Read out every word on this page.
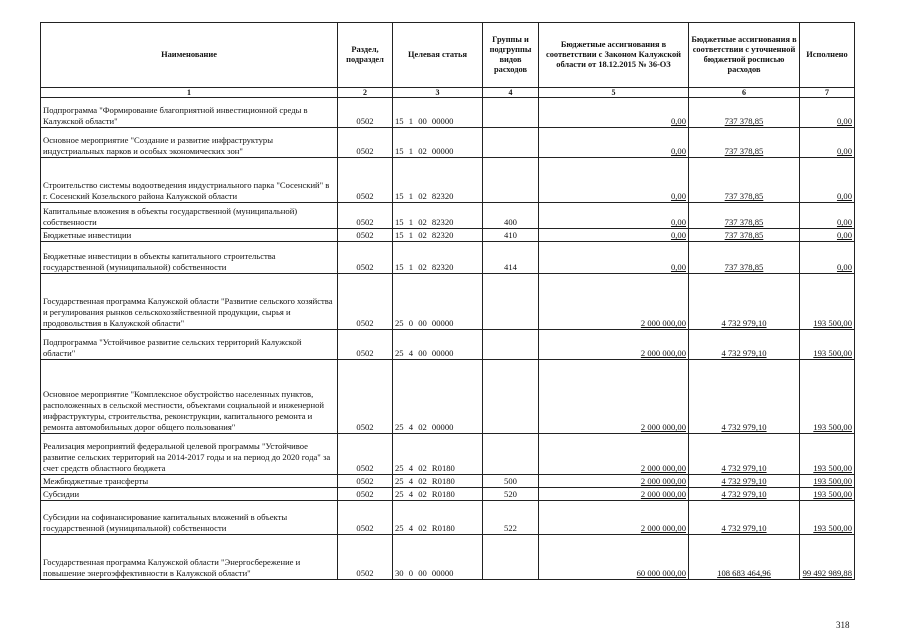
Наименование	Раздел, подраздел	Целевая статья	Группы и подгруппы видов расходов	Бюджетные ассигнования в соответствии с Законом Калужской области от 18.12.2015 № 36-ОЗ	Бюджетные ассигнования в соответствии с уточненной бюджетной росписью расходов	Исполнено
1	2	3	4	5	6	7
Подпрограмма "Формирование благоприятной инвестиционной среды в Калужской области"	0502	15 1 00 00000		0,00	737 378,85	0,00
Основное мероприятие "Создание и развитие инфраструктуры индустриальных парков и особых экономических зон"	0502	15 1 02 00000		0,00	737 378,85	0,00
Строительство системы водоотведения индустриального парка "Сосенский" в г. Сосенский Козельского района Калужской области	0502	15 1 02 82320		0,00	737 378,85	0,00
Капитальные вложения в объекты государственной (муниципальной) собственности	0502	15 1 02 82320	400	0,00	737 378,85	0,00
Бюджетные инвестиции	0502	15 1 02 82320	410	0,00	737 378,85	0,00
Бюджетные инвестиции в объекты капитального строительства государственной (муниципальной) собственности	0502	15 1 02 82320	414	0,00	737 378,85	0,00
Государственная программа Калужской области "Развитие сельского хозяйства и регулирования рынков сельскохозяйственной продукции, сырья и продовольствия в Калужской области"	0502	25 0 00 00000		2 000 000,00	4 732 979,10	193 500,00
Подпрограмма "Устойчивое развитие сельских территорий Калужской области"	0502	25 4 00 00000		2 000 000,00	4 732 979,10	193 500,00
Основное мероприятие "Комплексное обустройство населенных пунктов, расположенных в сельской местности, объектами социальной и инженерной инфраструктуры, строительства, реконструкции, капитального ремонта и ремонта автомобильных дорог общего пользования"	0502	25 4 02 00000		2 000 000,00	4 732 979,10	193 500,00
Реализация мероприятий федеральной целевой программы "Устойчивое развитие сельских территорий на 2014-2017 годы и на период до 2020 года" за счет средств областного бюджета	0502	25 4 02 R0180		2 000 000,00	4 732 979,10	193 500,00
Межбюджетные трансферты	0502	25 4 02 R0180	500	2 000 000,00	4 732 979,10	193 500,00
Субсидии	0502	25 4 02 R0180	520	2 000 000,00	4 732 979,10	193 500,00
Субсидии на софинансирование капитальных вложений в объекты государственной (муниципальной) собственности	0502	25 4 02 R0180	522	2 000 000,00	4 732 979,10	193 500,00
Государственная программа Калужской области "Энергосбережение и повышение энергоэффективности в Калужской области"	0502	30 0 00 00000		60 000 000,00	108 683 464,96	99 492 989,88
318
